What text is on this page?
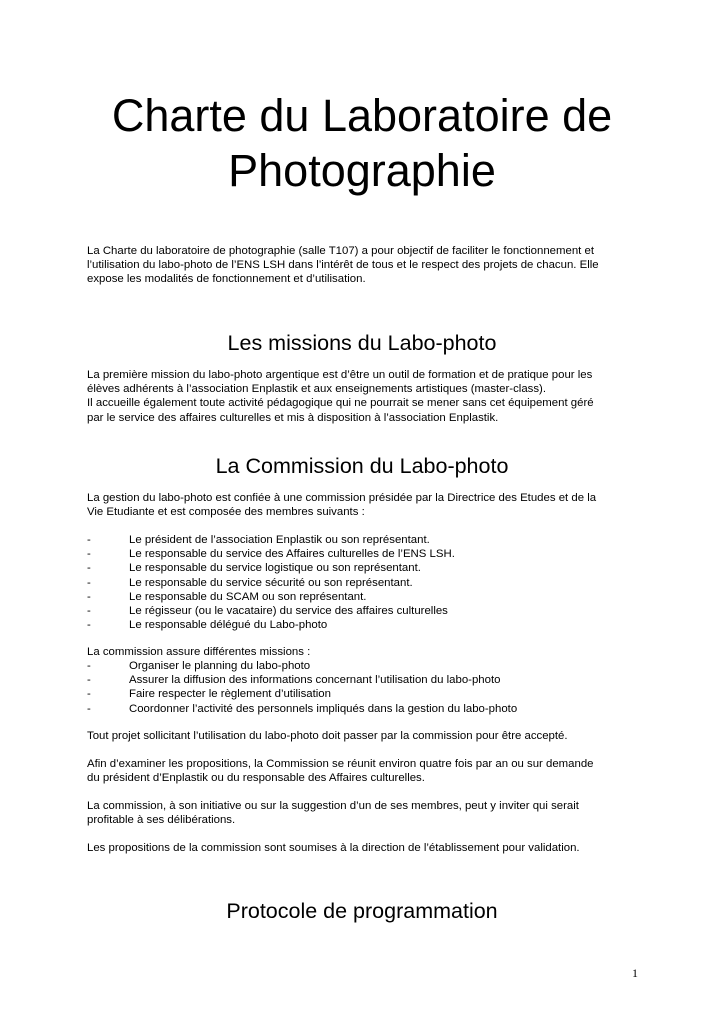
Charte du Laboratoire de
Photographie

La Charte du laboratoire de photographie (salle T107) a pour objectif de faciliter le fonctionnement et
l’utilisation du labo-photo de l’ENS LSH dans l’intérêt de tous et le respect des projets de chacun. Elle
expose les modalités de fonctionnement et d’utilisation.

Les missions du Labo-photo

La première mission du labo-photo argentique est d’être un outil de formation et de pratique pour les
élèves adhérents à l’association Enplastik et aux enseignements artistiques (master-class).
Il accueille également toute activité pédagogique qui ne pourrait se mener sans cet équipement géré
par le service des affaires culturelles et mis à disposition à l’association Enplastik.

La Commission du Labo-photo

La gestion du labo-photo est confiée à une commission présidée par la Directrice des Etudes et de la
Vie Etudiante et est composée des membres suivants :

-	Le président de l’association Enplastik ou son représentant.
-	Le responsable du service des Affaires culturelles de l’ENS LSH.
-	Le responsable du service logistique ou son représentant.
-	Le responsable du service sécurité ou son représentant.
-	Le responsable du SCAM ou son représentant.
-	Le régisseur (ou le vacataire) du service des affaires culturelles
-	Le responsable délégué du Labo-photo

La commission assure différentes missions :

-	Organiser le planning du labo-photo
-	Assurer la diffusion des informations concernant l’utilisation du labo-photo
-	Faire respecter le règlement d’utilisation
-	Coordonner l’activité des personnels impliqués dans la gestion du labo-photo

Tout projet sollicitant l’utilisation du labo-photo doit passer par la commission pour être accepté.

Afin d’examiner les propositions, la Commission se réunit environ quatre fois par an ou sur demande
du président d’Enplastik ou du responsable des Affaires culturelles.

La commission, à son initiative ou sur la suggestion d’un de ses membres, peut y inviter qui serait
profitable à ses délibérations.

Les propositions de la commission sont soumises à la direction de l’établissement pour validation.

Protocole de programmation
1
